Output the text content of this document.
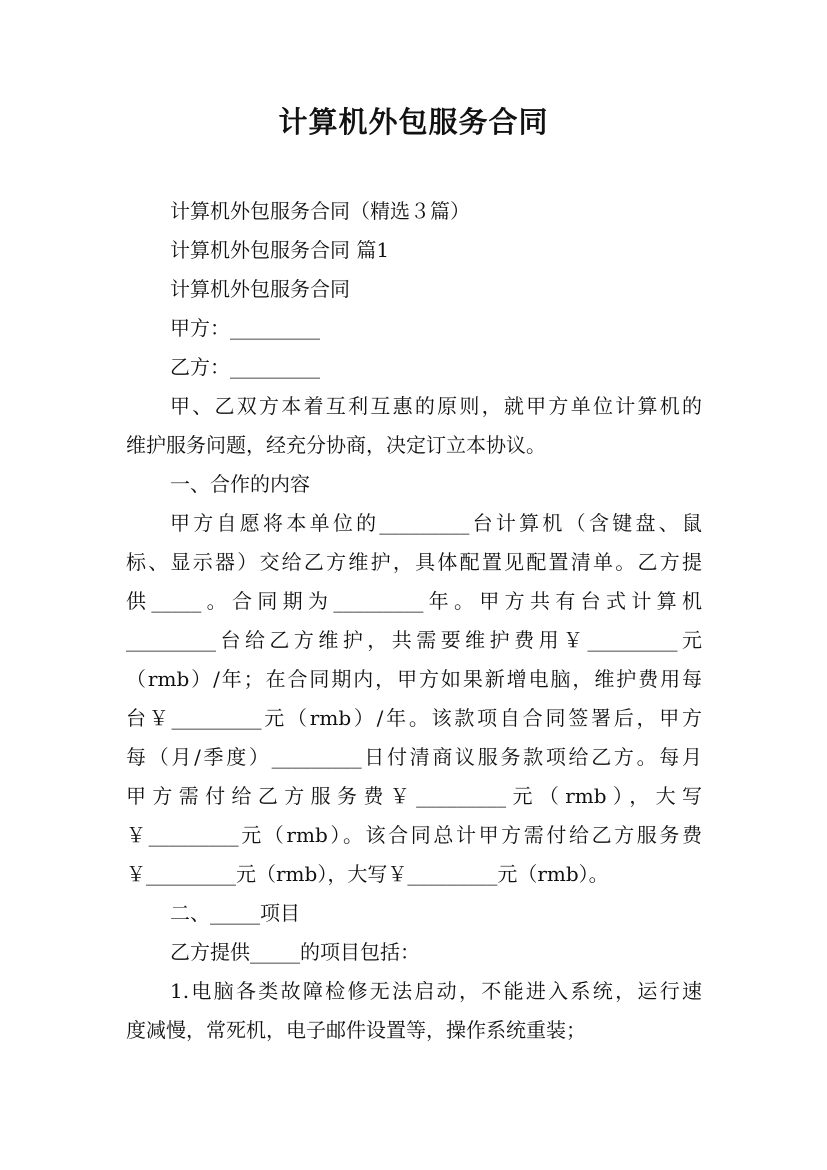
计算机外包服务合同
计算机外包服务合同（精选３篇）
计算机外包服务合同 篇1
计算机外包服务合同
甲方：_________
乙方：_________
甲、乙双方本着互利互惠的原则，就甲方单位计算机的
维护服务问题，经充分协商，决定订立本协议。
一、合作的内容
甲方自愿将本单位的_________台计算机（含键盘、鼠
标、显示器）交给乙方维护，具体配置见配置清单。乙方提
供_____。合同期为_________年。甲方共有台式计算机
_________台给乙方维护，共需要维护费用￥_________元
（rmb）/年；在合同期内，甲方如果新增电脑，维护费用每
台￥_________元（rmb）/年。该款项自合同签署后，甲方
每（月/季度）_________日付清商议服务款项给乙方。每月
甲方需付给乙方服务费￥_________元（rmb），大写
￥_________元（rmb）。该合同总计甲方需付给乙方服务费
￥_________元（rmb），大写￥_________元（rmb）。
二、_____项目
乙方提供_____的项目包括：
1.电脑各类故障检修无法启动，不能进入系统，运行速
度减慢，常死机，电子邮件设置等，操作系统重装；
